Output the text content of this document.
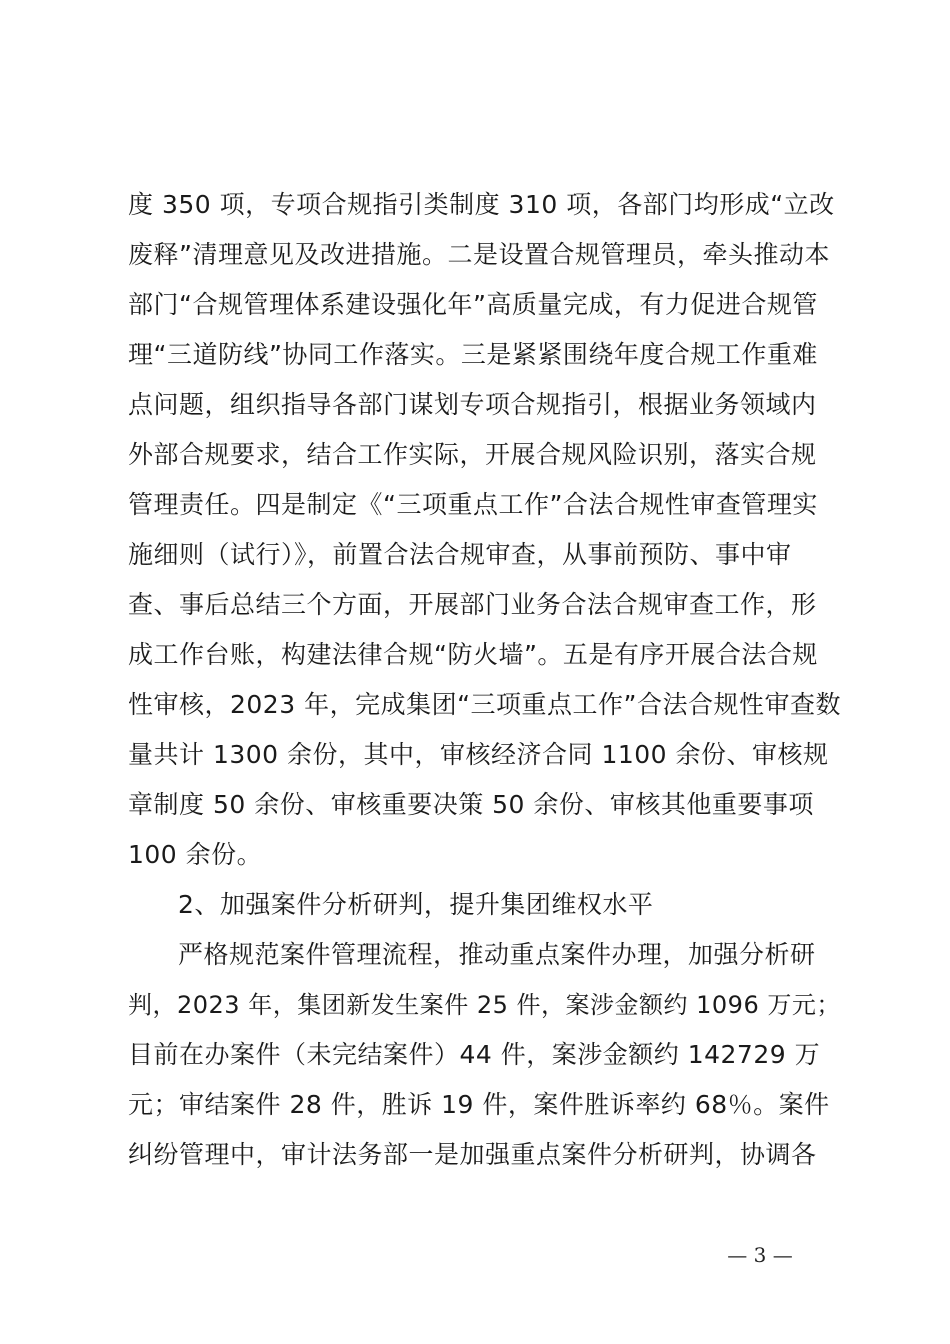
度 350 项，专项合规指引类制度 310 项，各部门均形成“立改
废释”清理意见及改进措施。二是设置合规管理员，牵头推动本
部门“合规管理体系建设强化年”高质量完成，有力促进合规管
理“三道防线”协同工作落实。三是紧紧围绕年度合规工作重难
点问题，组织指导各部门谋划专项合规指引，根据业务领域内
外部合规要求，结合工作实际，开展合规风险识别，落实合规
管理责任。四是制定《“三项重点工作”合法合规性审查管理实
施细则（试行）》，前置合法合规审查，从事前预防、事中审
查、事后总结三个方面，开展部门业务合法合规审查工作，形
成工作台账，构建法律合规“防火墙”。五是有序开展合法合规
性审核，2023 年，完成集团“三项重点工作”合法合规性审查数
量共计 1300 余份，其中，审核经济合同 1100 余份、审核规
章制度 50 余份、审核重要决策 50 余份、审核其他重要事项
100 余份。
2、加强案件分析研判，提升集团维权水平
严格规范案件管理流程，推动重点案件办理，加强分析研
判，2023 年，集团新发生案件 25 件，案涉金额约 1096 万元；
目前在办案件（未完结案件）44 件，案涉金额约 142729 万
元；审结案件 28 件，胜诉 19 件，案件胜诉率约 68％。案件
纠纷管理中，审计法务部一是加强重点案件分析研判，协调各
— 3 —
